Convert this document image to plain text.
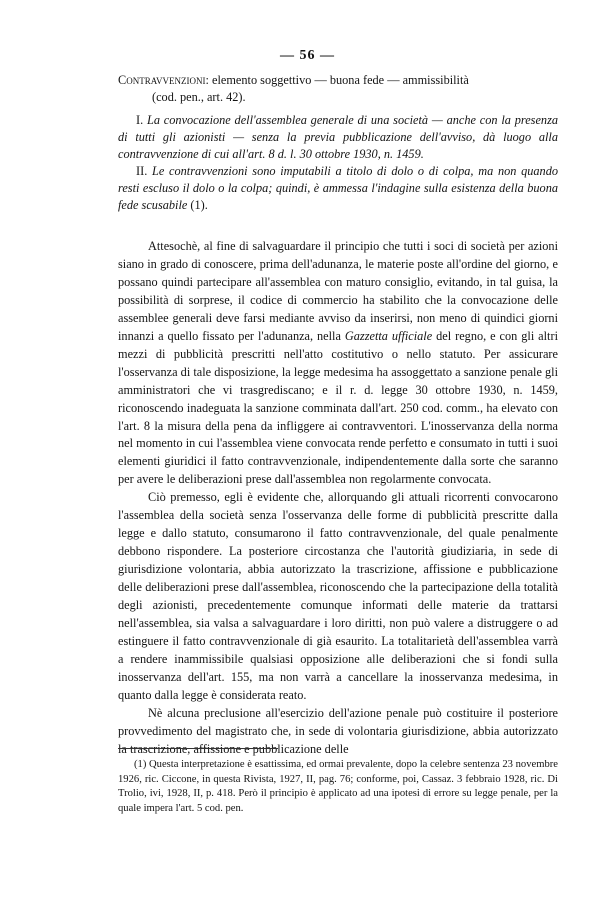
— 56 —

Contravvenzioni: elemento soggettivo — buona fede — ammissibilità

(cod. pen., art. 42).

I. La convocazione dell'assemblea generale di una società — anche con la presenza di tutti gli azionisti — senza la previa pubblicazione dell'avviso, dà luogo alla contravvenzione di cui all'art. 8 d. l. 30 ottobre 1930, n. 1459.

II. Le contravvenzioni sono imputabili a titolo di dolo o di colpa, ma non quando resti escluso il dolo o la colpa; quindi, è ammessa l'indagine sulla esistenza della buona fede scusabile (1).

Attesochè, al fine di salvaguardare il principio che tutti i soci di società per azioni siano in grado di conoscere, prima dell'adunanza, le materie poste all'ordine del giorno, e possano quindi partecipare all'assemblea con maturo consiglio, evitando, in tal guisa, la possibilità di sorprese, il codice di commercio ha stabilito che la convocazione delle assemblee generali deve farsi mediante avviso da inserirsi, non meno di quindici giorni innanzi a quello fissato per l'adunanza, nella Gazzetta ufficiale del regno, e con gli altri mezzi di pubblicità prescritti nell'atto costitutivo o nello statuto. Per assicurare l'osservanza di tale disposizione, la legge medesima ha assoggettato a sanzione penale gli amministratori che vi trasgrediscano; e il r. d. legge 30 ottobre 1930, n. 1459, riconoscendo inadeguata la sanzione comminata dall'art. 250 cod. comm., ha elevato con l'art. 8 la misura della pena da infliggere ai contravventori. L'inosservanza della norma nel momento in cui l'assemblea viene convocata rende perfetto e consumato in tutti i suoi elementi giuridici il fatto contravvenzionale, indipendentemente dalla sorte che saranno per avere le deliberazioni prese dall'assemblea non regolarmente convocata.

Ciò premesso, egli è evidente che, allorquando gli attuali ricorrenti convocarono l'assemblea della società senza l'osservanza delle forme di pubblicità prescritte dalla legge e dallo statuto, consumarono il fatto contravvenzionale, del quale penalmente debbono rispondere. La posteriore circostanza che l'autorità giudiziaria, in sede di giurisdizione volontaria, abbia autorizzato la trascrizione, affissione e pubblicazione delle deliberazioni prese dall'assemblea, riconoscendo che la partecipazione della totalità degli azionisti, precedentemente comunque informati delle materie da trattarsi nell'assemblea, sia valsa a salvaguardare i loro diritti, non può valere a distruggere o ad estinguere il fatto contravvenzionale di già esaurito. La totalitarietà dell'assemblea varrà a rendere inammissibile qualsiasi opposizione alle deliberazioni che si fondi sulla inosservanza dell'art. 155, ma non varrà a cancellare la inosservanza medesima, in quanto dalla legge è considerata reato.

Nè alcuna preclusione all'esercizio dell'azione penale può costituire il posteriore provvedimento del magistrato che, in sede di volontaria giurisdizione, abbia autorizzato la trascrizione, affissione e pubblicazione delle

(1) Questa interpretazione è esattissima, ed ormai prevalente, dopo la celebre sentenza 23 novembre 1926, ric. Ciccone, in questa Rivista, 1927, II, pag. 76; conforme, poi, Cassaz. 3 febbraio 1928, ric. Di Trolio, ivi, 1928, II, p. 418. Però il principio è applicato ad una ipotesi di errore su legge penale, per la quale impera l'art. 5 cod. pen.
